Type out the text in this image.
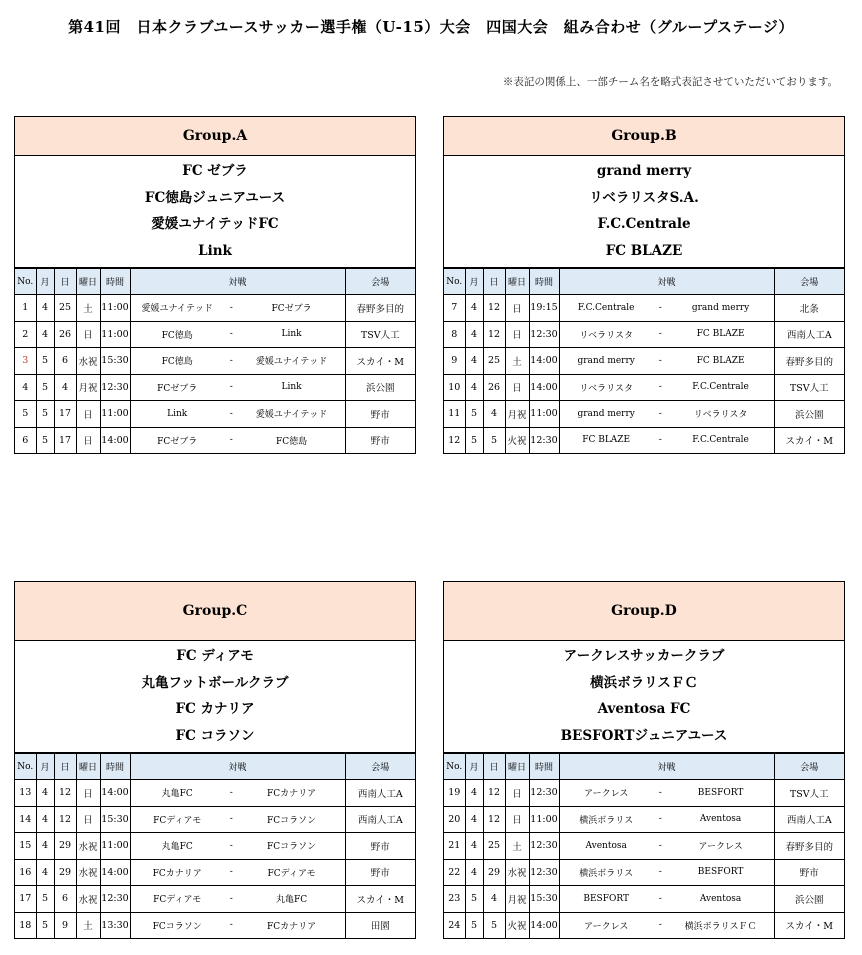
第41回　日本クラブユースサッカー選手権（U-15）大会　四国大会　組み合わせ（グループステージ）
※表記の関係上、一部チーム名を略式表記させていただいております。
Group.A
FC ゼブラ
FC徳島ジュニアユース
愛媛ユナイテッドFC
Link
No.	月	日	曜日	時間	対戦	会場
1	4	25	土	11:00	愛媛ユナイテッド - FCゼブラ	春野多目的
2	4	26	日	11:00	FC徳島 - Link	TSV人工
3	5	6	水祝	15:30	FC徳島 - 愛媛ユナイテッド	スカイ・M
4	5	4	月祝	12:30	FCゼブラ - Link	浜公園
5	5	17	日	11:00	Link - 愛媛ユナイテッド	野市
6	5	17	日	14:00	FCゼブラ - FC徳島	野市
Group.B
grand merry
リベラリスタS.A.
F.C.Centrale
FC BLAZE
No.	月	日	曜日	時間	対戦	会場
7	4	12	日	19:15	F.C.Centrale - grand merry	北条
8	4	12	日	12:30	リベラリスタ - FC BLAZE	西南人工A
9	4	25	土	14:00	grand merry - FC BLAZE	春野多目的
10	4	26	日	14:00	リベラリスタ - F.C.Centrale	TSV人工
11	5	4	月祝	11:00	grand merry - リベラリスタ	浜公園
12	5	5	火祝	12:30	FC BLAZE - F.C.Centrale	スカイ・M
Group.C
FC ディアモ
丸亀フットボールクラブ
FC カナリア
FC コラソン
No.	月	日	曜日	時間	対戦	会場
13	4	12	日	14:00	丸亀FC - FCカナリア	西南人工A
14	4	12	日	15:30	FCディアモ - FCコラソン	西南人工A
15	4	29	水祝	11:00	丸亀FC - FCコラソン	野市
16	4	29	水祝	14:00	FCカナリア - FCディアモ	野市
17	5	6	水祝	12:30	FCディアモ - 丸亀FC	スカイ・M
18	5	9	土	13:30	FCコラソン - FCカナリア	田園
Group.D
アークレスサッカークラブ
横浜ボラリスＦＣ
Aventosa FC
BESFORTジュニアユース
No.	月	日	曜日	時間	対戦	会場
19	4	12	日	12:30	アークレス - BESFORT	TSV人工
20	4	12	日	11:00	横浜ボラリス - Aventosa	西南人工A
21	4	25	土	12:30	Aventosa - アークレス	春野多目的
22	4	29	水祝	12:30	横浜ボラリス - BESFORT	野市
23	5	4	月祝	15:30	BESFORT - Aventosa	浜公園
24	5	5	火祝	14:00	アークレス - 横浜ボラリスＦＣ	スカイ・M
